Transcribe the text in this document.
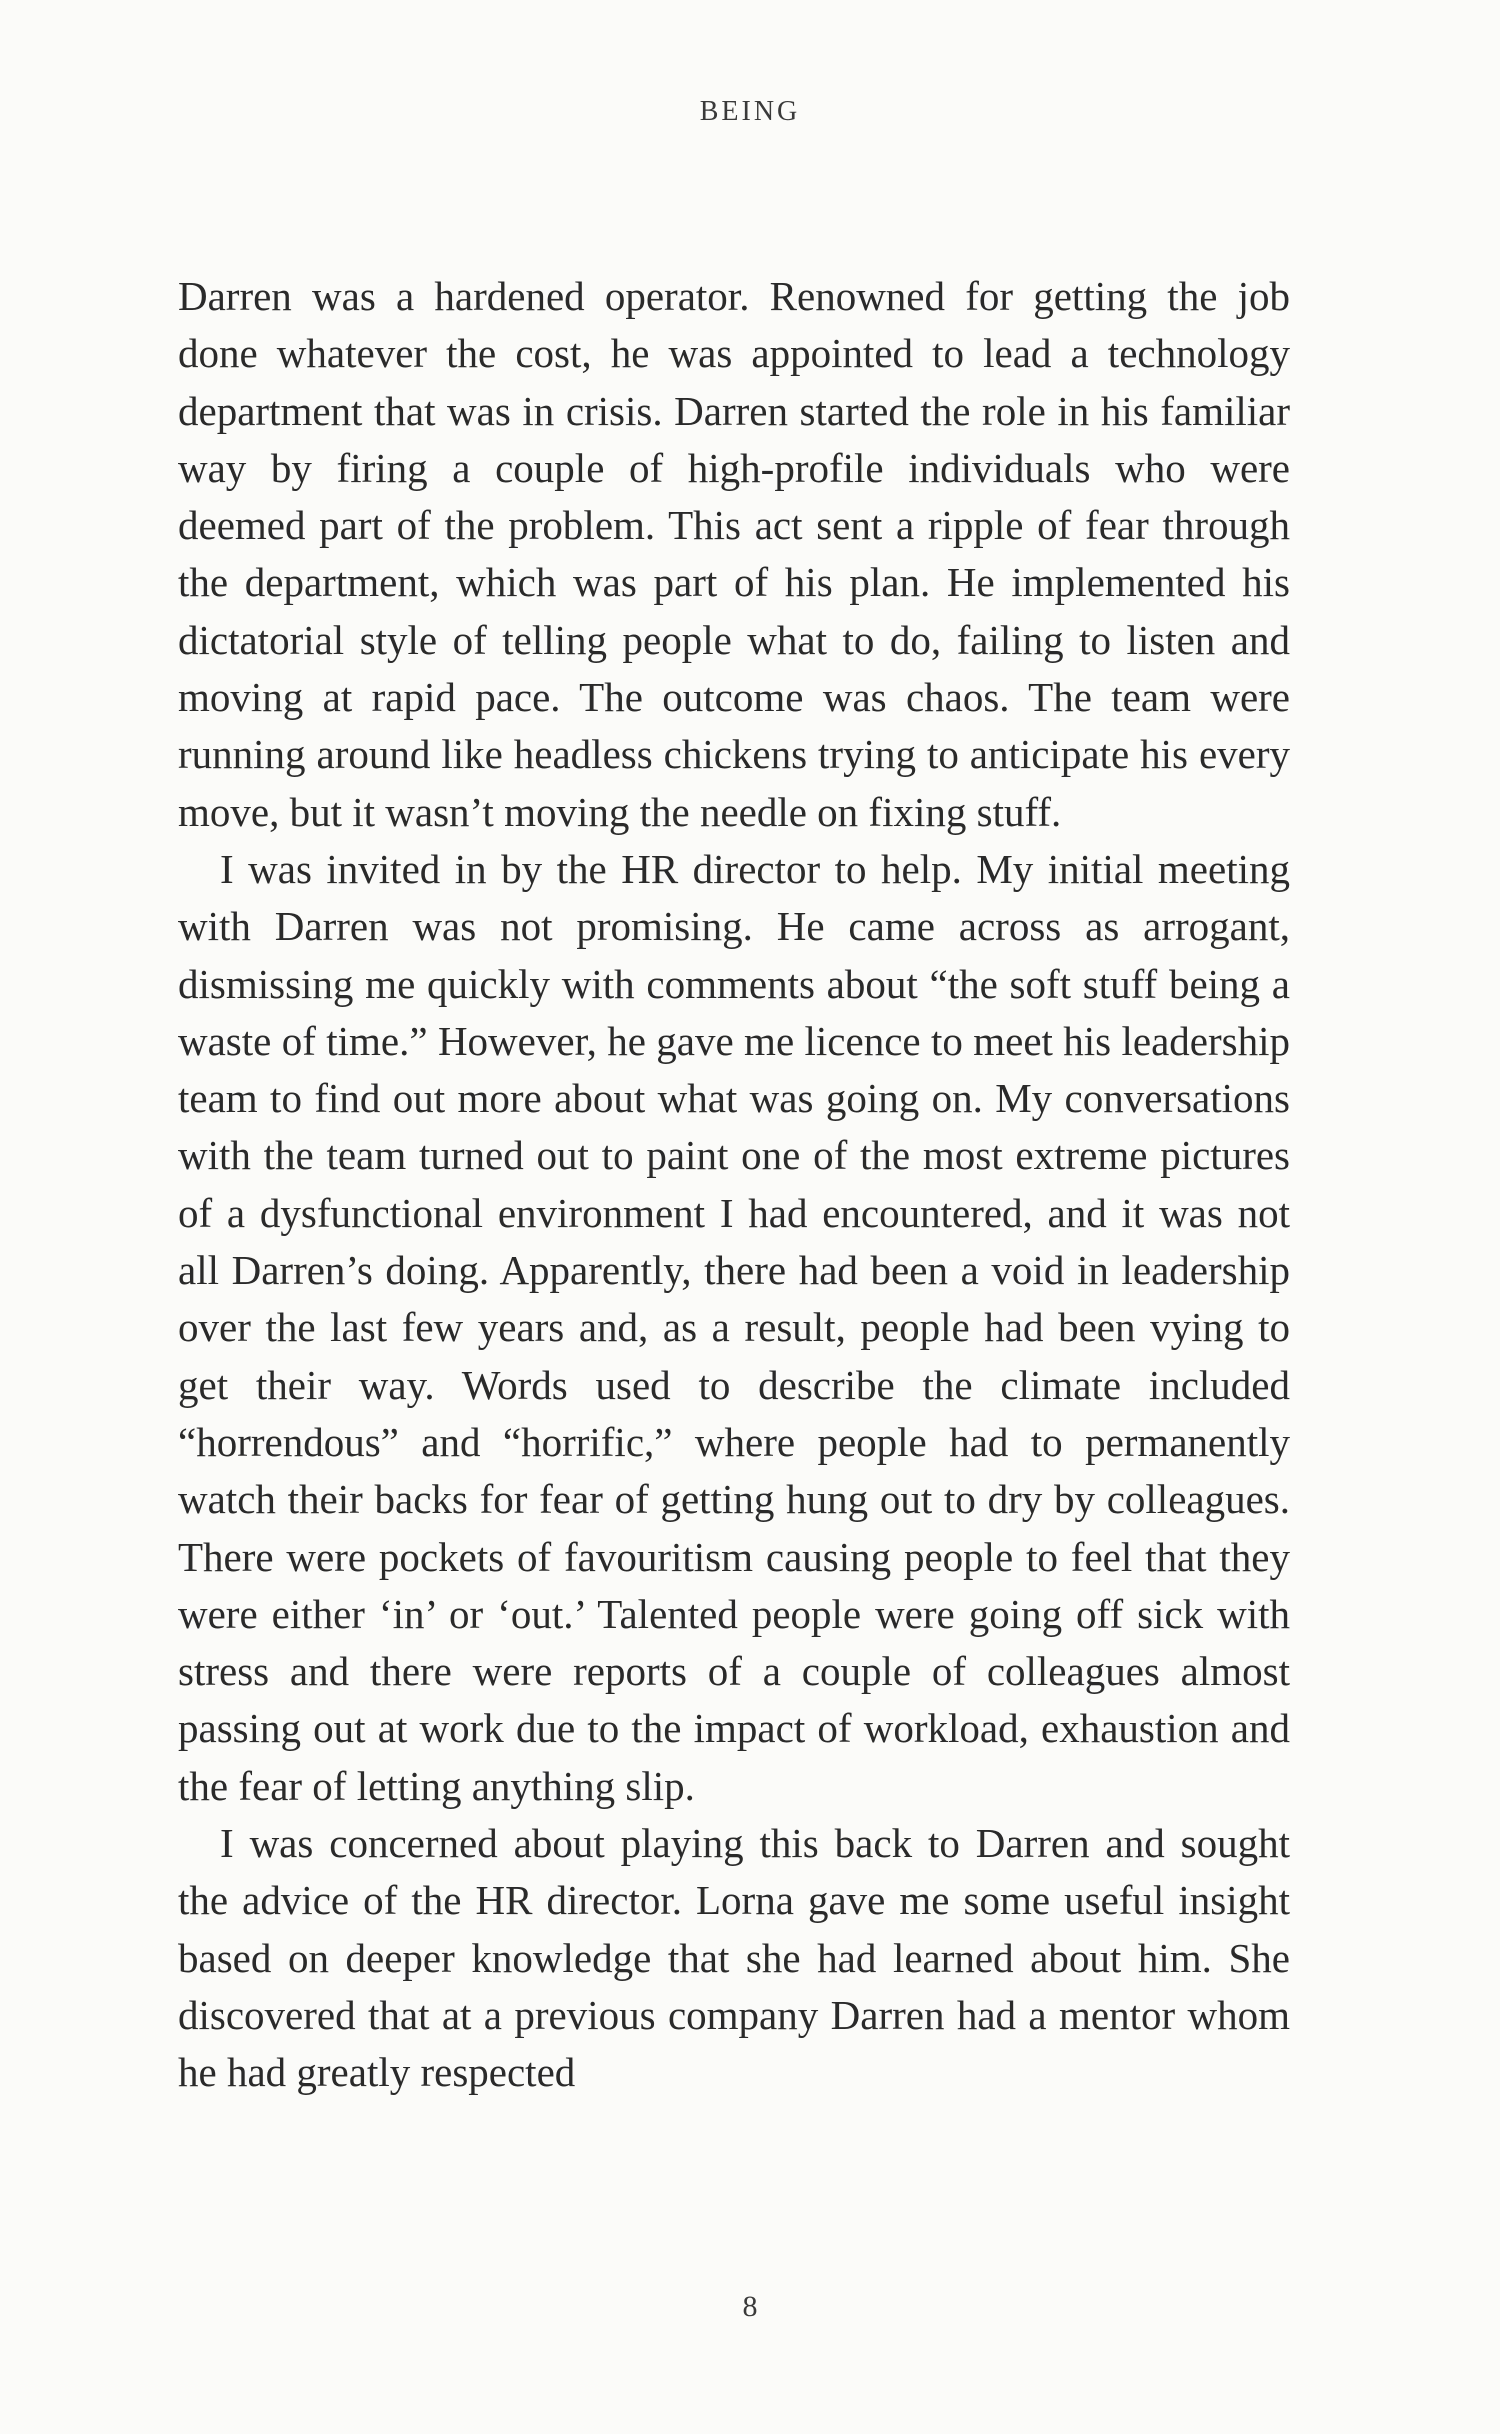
BEING

Darren was a hardened operator. Renowned for getting the job done whatever the cost, he was appointed to lead a technology department that was in crisis. Darren started the role in his familiar way by firing a couple of high-profile individuals who were deemed part of the problem. This act sent a ripple of fear through the department, which was part of his plan. He implemented his dictatorial style of telling people what to do, failing to listen and moving at rapid pace. The outcome was chaos. The team were running around like headless chickens trying to anticipate his every move, but it wasn’t moving the needle on fixing stuff.

I was invited in by the HR director to help. My initial meeting with Darren was not promising. He came across as arrogant, dismissing me quickly with comments about “the soft stuff being a waste of time.” However, he gave me licence to meet his leadership team to find out more about what was going on. My conversations with the team turned out to paint one of the most extreme pictures of a dysfunctional environment I had encountered, and it was not all Darren’s doing. Apparently, there had been a void in leadership over the last few years and, as a result, people had been vying to get their way. Words used to describe the climate included “horrendous” and “horrific,” where people had to permanently watch their backs for fear of getting hung out to dry by colleagues. There were pockets of favouritism causing people to feel that they were either ‘in’ or ‘out.’ Talented people were going off sick with stress and there were reports of a couple of colleagues almost passing out at work due to the impact of workload, exhaustion and the fear of letting anything slip.

I was concerned about playing this back to Darren and sought the advice of the HR director. Lorna gave me some useful insight based on deeper knowledge that she had learned about him. She discovered that at a previous company Darren had a mentor whom he had greatly respected

8
